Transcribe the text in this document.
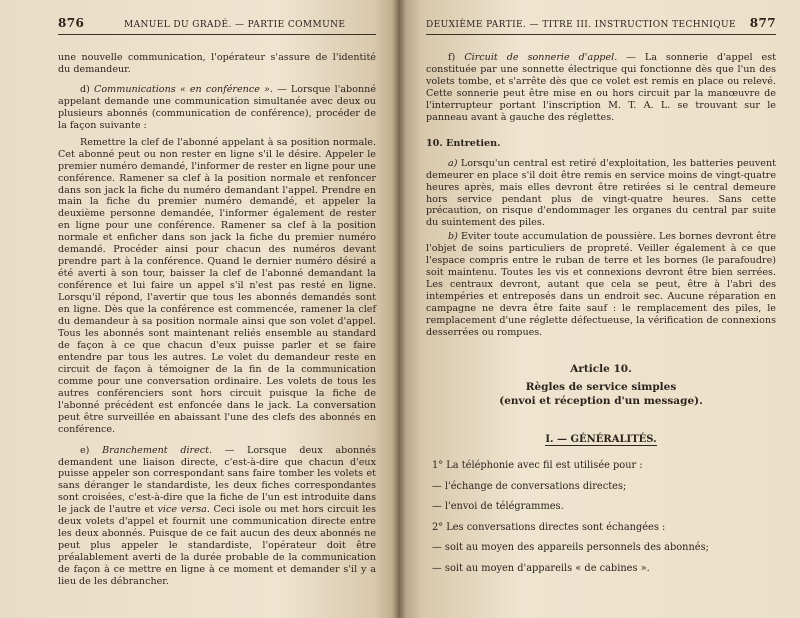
876	MANUEL DU GRADÉ. — PARTIE COMMUNE

une nouvelle communication, l'opérateur s'assure de l'identité du demandeur.

d) Communications « en conférence ». — Lorsque l'abonné appelant demande une communication simultanée avec deux ou plusieurs abonnés (communication de conférence), procéder de la façon suivante :

Remettre la clef de l'abonné appelant à sa position normale. Cet abonné peut ou non rester en ligne s'il le désire. Appeler le premier numéro demandé, l'informer de rester en ligne pour une conférence. Ramener sa clef à la position normale et renfoncer dans son jack la fiche du numéro demandant l'appel. Prendre en main la fiche du premier numéro demandé, et appeler la deuxième personne demandée, l'informer également de rester en ligne pour une conférence. Ramener sa clef à la position normale et enficher dans son jack la fiche du premier numéro demandé. Procéder ainsi pour chacun des numéros devant prendre part à la conférence. Quand le dernier numéro désiré a été averti à son tour, baisser la clef de l'abonné demandant la conférence et lui faire un appel s'il n'est pas resté en ligne. Lorsqu'il répond, l'avertir que tous les abonnés demandés sont en ligne. Dès que la conférence est commencée, ramener la clef du demandeur à sa position normale ainsi que son volet d'appel. Tous les abonnés sont maintenant reliés ensemble au standard de façon à ce que chacun d'eux puisse parler et se faire entendre par tous les autres. Le volet du demandeur reste en circuit de façon à témoigner de la fin de la communication comme pour une conversation ordinaire. Les volets de tous les autres conférenciers sont hors circuit puisque la fiche de l'abonné précédent est enfoncée dans le jack. La conversation peut être surveillée en abaissant l'une des clefs des abonnés en conférence.

e) Branchement direct. — Lorsque deux abonnés demandent une liaison directe, c'est-à-dire que chacun d'eux puisse appeler son correspondant sans faire tomber les volets et sans déranger le standardiste, les deux fiches correspondantes sont croisées, c'est-à-dire que la fiche de l'un est introduite dans le jack de l'autre et vice versa. Ceci isole ou met hors circuit les deux volets d'appel et fournit une communication directe entre les deux abonnés. Puisque de ce fait aucun des deux abonnés ne peut plus appeler le standardiste, l'opérateur doit être préalablement averti de la durée probable de la communication de façon à ce mettre en ligne à ce moment et demander s'il y a lieu de les débrancher.

DEUXIÈME PARTIE. — TITRE III. INSTRUCTION TECHNIQUE 877

f) Circuit de sonnerie d'appel. — La sonnerie d'appel est constituée par une sonnette électrique qui fonctionne dès que l'un des volets tombe, et s'arrête dès que ce volet est remis en place ou relevé. Cette sonnerie peut être mise en ou hors circuit par la manœuvre de l'interrupteur portant l'inscription M. T. A. L. se trouvant sur le panneau avant à gauche des réglettes.

10. Entretien.

a) Lorsqu'un central est retiré d'exploitation, les batteries peuvent demeurer en place s'il doit être remis en service moins de vingt-quatre heures après, mais elles devront être retirées si le central demeure hors service pendant plus de vingt-quatre heures. Sans cette précaution, on risque d'endommager les organes du central par suite du suintement des piles.

b) Eviter toute accumulation de poussière. Les bornes devront être l'objet de soins particuliers de propreté. Veiller également à ce que l'espace compris entre le ruban de terre et les bornes (le parafoudre) soit maintenu. Toutes les vis et connexions devront être bien serrées. Les centraux devront, autant que cela se peut, être à l'abri des intempéries et entreposés dans un endroit sec. Aucune réparation en campagne ne devra être faite sauf : le remplacement des piles, le remplacement d'une réglette défectueuse, la vérification de connexions desserrées ou rompues.

Article 10.
Règles de service simples
(envoi et réception d'un message).
I. — GÉNÉRALITÉS.

1° La téléphonie avec fil est utilisée pour :

— l'échange de conversations directes;

— l'envoi de télégrammes.

2° Les conversations directes sont échangées :

— soit au moyen des appareils personnels des abonnés;

— soit au moyen d'appareils « de cabines ».
